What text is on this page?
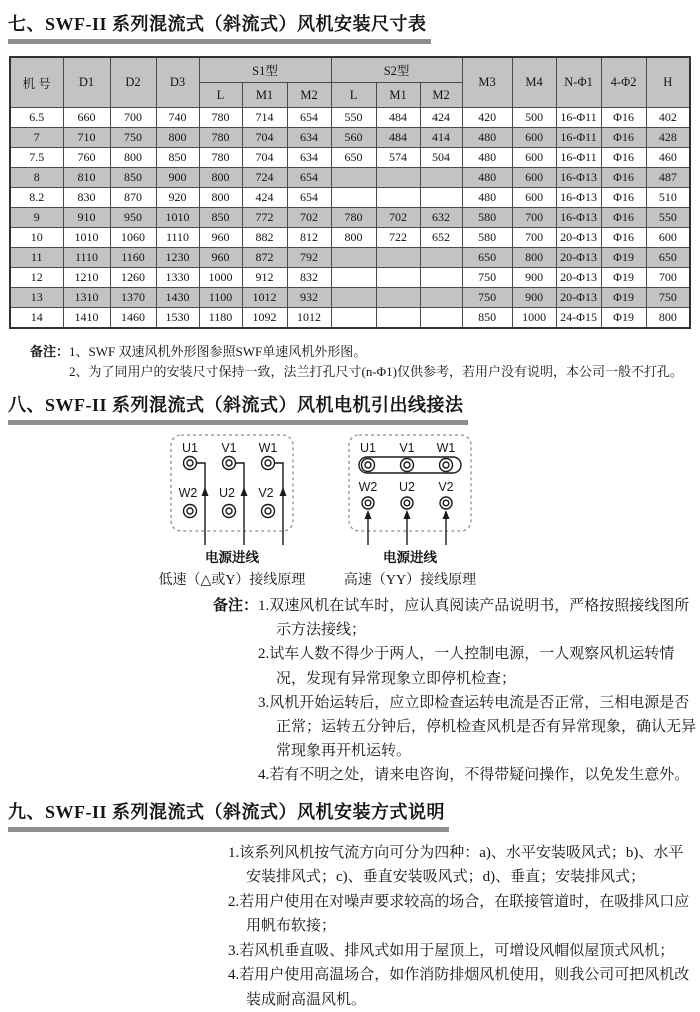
七、SWF-II 系列混流式（斜流式）风机安装尺寸表
机 号	D1	D2	D3	S1型			S2型			M3	M4	N-Φ1	4-Φ2	H
				L	M1	M2	L	M1	M2					
6.5	660	700	740	780	714	654	550	484	424	420	500	16-Φ11	Φ16	402
7	710	750	800	780	704	634	560	484	414	480	600	16-Φ11	Φ16	428
7.5	760	800	850	780	704	634	650	574	504	480	600	16-Φ11	Φ16	460
8	810	850	900	800	724	654				480	600	16-Φ13	Φ16	487
8.2	830	870	920	800	424	654				480	600	16-Φ13	Φ16	510
9	910	950	1010	850	772	702	780	702	632	580	700	16-Φ13	Φ16	550
10	1010	1060	1110	960	882	812	800	722	652	580	700	20-Φ13	Φ16	600
11	1110	1160	1230	960	872	792				650	800	20-Φ13	Φ19	650
12	1210	1260	1330	1000	912	832				750	900	20-Φ13	Φ19	700
13	1310	1370	1430	1100	1012	932				750	900	20-Φ13	Φ19	750
14	1410	1460	1530	1180	1092	1012				850	1000	24-Φ15	Φ19	800
备注： 1、SWF 双速风机外形图参照SWF单速风机外形图。
2、为了同用户的安装尺寸保持一致，法兰打孔尺寸(n-Φ1)仅供参考，若用户没有说明，本公司一般不打孔。
八、SWF-II 系列混流式（斜流式）风机电机引出线接法
U1 V1 W1
W2 U2 V2
电源进线
低速（△或Y）接线原理
U1 V1 W1
W2 U2 V2
电源进线
高速（YY）接线原理
备注： 1.双速风机在试车时，应认真阅读产品说明书，严格按照接线图所示方法接线；
2.试车人数不得少于两人，一人控制电源，一人观察风机运转情况，发现有异常现象立即停机检查；
3.风机开始运转后，应立即检查运转电流是否正常，三相电源是否正常；运转五分钟后，停机检查风机是否有异常现象，确认无异常现象再开机运转。
4.若有不明之处，请来电咨询，不得带疑问操作，以免发生意外。
九、SWF-II 系列混流式（斜流式）风机安装方式说明
1.该系列风机按气流方向可分为四种：a)、水平安装吸风式；b)、水平安装排风式；c)、垂直安装吸风式；d)、垂直；安装排风式；
2.若用户使用在对噪声要求较高的场合，在联接管道时，在吸排风口应用帆布软接；
3.若风机垂直吸、排风式如用于屋顶上，可增设风帽似屋顶式风机；
4.若用户使用高温场合，如作消防排烟风机使用，则我公司可把风机改装成耐高温风机。
